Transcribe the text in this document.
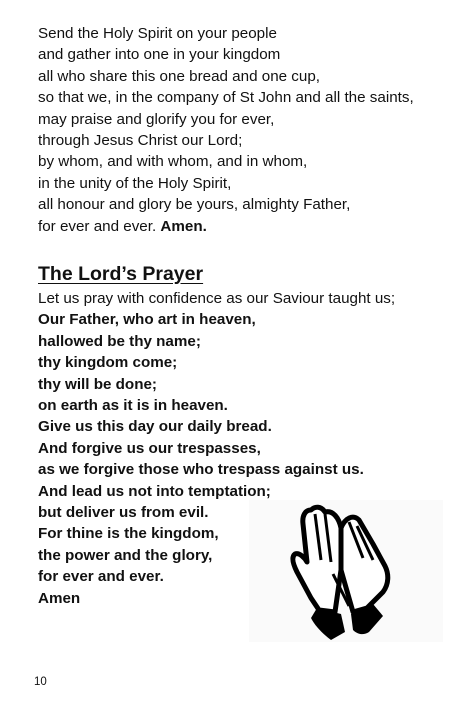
Send the Holy Spirit on your people
and gather into one in your kingdom
all who share this one bread and one cup,
so that we, in the company of St John and all the saints,
may praise and glorify you for ever,
through Jesus Christ our Lord;
by whom, and with whom, and in whom,
in the unity of the Holy Spirit,
all honour and glory be yours, almighty Father,
for ever and ever. Amen.
The Lord’s Prayer
Let us pray with confidence as our Saviour taught us;
Our Father, who art in heaven,
hallowed be thy name;
thy kingdom come;
thy will be done;
on earth as it is in heaven.
Give us this day our daily bread.
And forgive us our trespasses,
as we forgive those who trespass against us.
And lead us not into temptation;
but deliver us from evil.
For thine is the kingdom,
the power and the glory,
for ever and ever.
Amen
10
